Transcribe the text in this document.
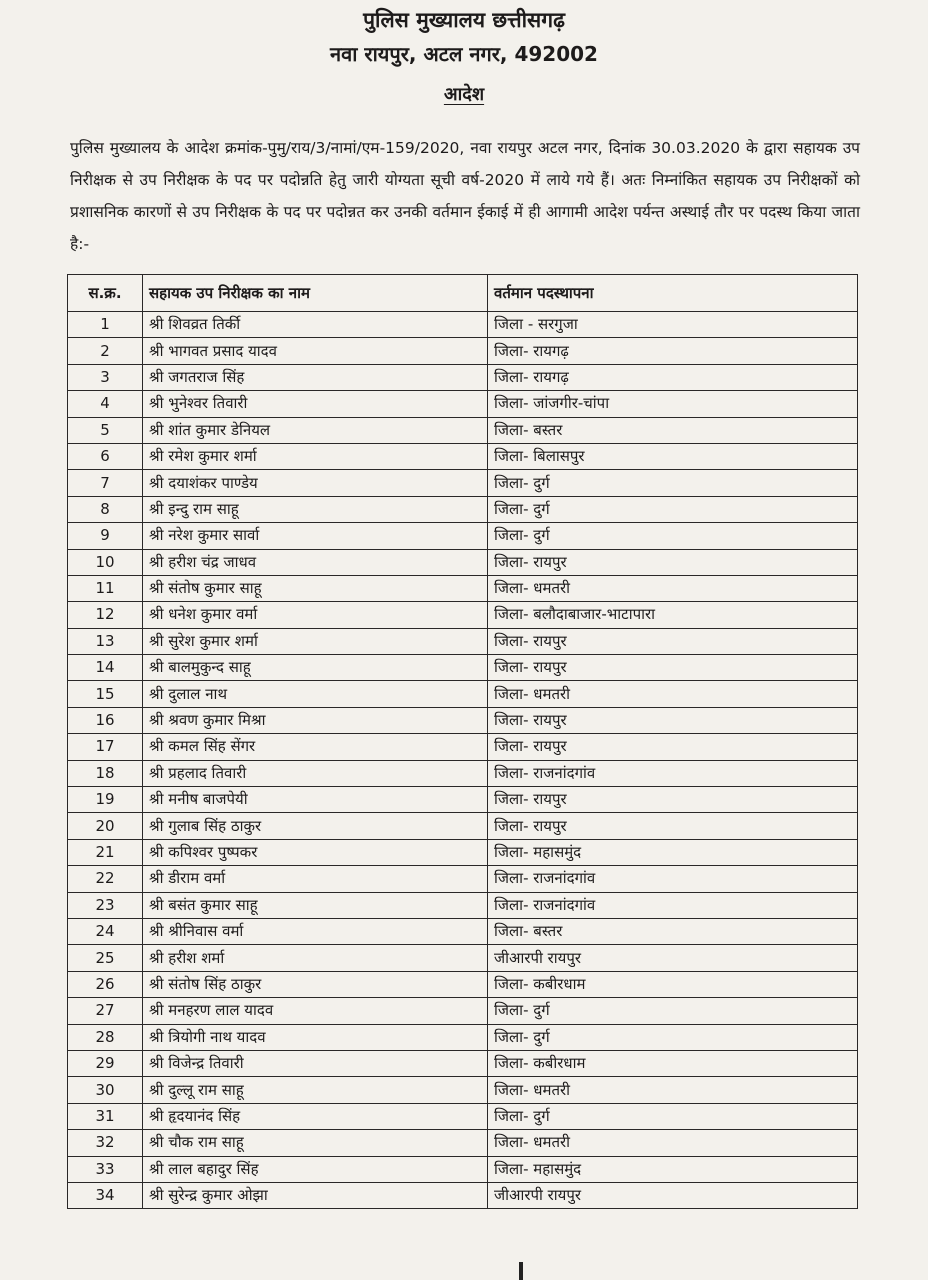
पुलिस मुख्यालय छत्तीसगढ़
नवा रायपुर, अटल नगर, 492002
आदेश
पुलिस मुख्यालय के आदेश क्रमांक-पुमु/राय/3/नामां/एम-159/2020, नवा रायपुर अटल नगर, दिनांक 30.03.2020 के द्वारा सहायक उप निरीक्षक से उप निरीक्षक के पद पर पदोन्नति हेतु जारी योग्यता सूची वर्ष-2020 में लाये गये हैं। अतः निम्नांकित सहायक उप निरीक्षकों को प्रशासनिक कारणों से उप निरीक्षक के पद पर पदोन्नत कर उनकी वर्तमान ईकाई में ही आगामी आदेश पर्यन्त अस्थाई तौर पर पदस्थ किया जाता है:-
स.क्र.	सहायक उप निरीक्षक का नाम	वर्तमान पदस्थापना
1	श्री शिवव्रत तिर्की	जिला - सरगुजा
2	श्री भागवत प्रसाद यादव	जिला- रायगढ़
3	श्री जगतराज सिंह	जिला- रायगढ़
4	श्री भुनेश्वर तिवारी	जिला- जांजगीर-चांपा
5	श्री शांत कुमार डेनियल	जिला- बस्तर
6	श्री रमेश कुमार शर्मा	जिला- बिलासपुर
7	श्री दयाशंकर पाण्डेय	जिला- दुर्ग
8	श्री इन्दु राम साहू	जिला- दुर्ग
9	श्री नरेश कुमार सार्वा	जिला- दुर्ग
10	श्री हरीश चंद्र जाधव	जिला- रायपुर
11	श्री संतोष कुमार साहू	जिला- धमतरी
12	श्री धनेश कुमार वर्मा	जिला- बलौदाबाजार-भाटापारा
13	श्री सुरेश कुमार शर्मा	जिला- रायपुर
14	श्री बालमुकुन्द साहू	जिला- रायपुर
15	श्री दुलाल नाथ	जिला- धमतरी
16	श्री श्रवण कुमार मिश्रा	जिला- रायपुर
17	श्री कमल सिंह सेंगर	जिला- रायपुर
18	श्री प्रहलाद तिवारी	जिला- राजनांदगांव
19	श्री मनीष बाजपेयी	जिला- रायपुर
20	श्री गुलाब सिंह ठाकुर	जिला- रायपुर
21	श्री कपिश्वर पुष्पकर	जिला- महासमुंद
22	श्री डीराम वर्मा	जिला- राजनांदगांव
23	श्री बसंत कुमार साहू	जिला- राजनांदगांव
24	श्री श्रीनिवास वर्मा	जिला- बस्तर
25	श्री हरीश शर्मा	जीआरपी रायपुर
26	श्री संतोष सिंह ठाकुर	जिला- कबीरधाम
27	श्री मनहरण लाल यादव	जिला- दुर्ग
28	श्री त्रियोगी नाथ यादव	जिला- दुर्ग
29	श्री विजेन्द्र तिवारी	जिला- कबीरधाम
30	श्री दुल्लू राम साहू	जिला- धमतरी
31	श्री हृदयानंद सिंह	जिला- दुर्ग
32	श्री चौक राम साहू	जिला- धमतरी
33	श्री लाल बहादुर सिंह	जिला- महासमुंद
34	श्री सुरेन्द्र कुमार ओझा	जीआरपी रायपुर
